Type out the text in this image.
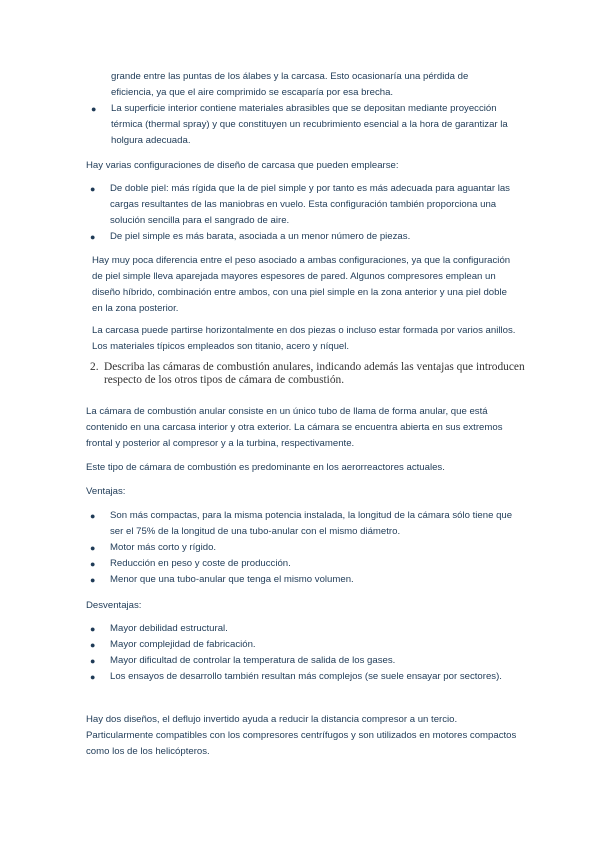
grande entre las puntas de los álabes y la carcasa. Esto ocasionaría una pérdida de eficiencia, ya que el aire comprimido se escaparía por esa brecha.
● La superficie interior contiene materiales abrasibles que se depositan mediante proyección térmica (thermal spray) y que constituyen un recubrimiento esencial a la hora de garantizar la holgura adecuada.
Hay varias configuraciones de diseño de carcasa que pueden emplearse:
● De doble piel: más rígida que la de piel simple y por tanto es más adecuada para aguantar las cargas resultantes de las maniobras en vuelo. Esta configuración también proporciona una solución sencilla para el sangrado de aire.
● De piel simple es más barata, asociada a un menor número de piezas.
Hay muy poca diferencia entre el peso asociado a ambas configuraciones, ya que la configuración de piel simple lleva aparejada mayores espesores de pared. Algunos compresores emplean un diseño híbrido, combinación entre ambos, con una piel simple en la zona anterior y una piel doble en la zona posterior.
La carcasa puede partirse horizontalmente en dos piezas o incluso estar formada por varios anillos. Los materiales típicos empleados son titanio, acero y níquel.
2. Describa las cámaras de combustión anulares, indicando además las ventajas que introducen respecto de los otros tipos de cámara de combustión.
La cámara de combustión anular consiste en un único tubo de llama de forma anular, que está contenido en una carcasa interior y otra exterior. La cámara se encuentra abierta en sus extremos frontal y posterior al compresor y a la turbina, respectivamente.
Este tipo de cámara de combustión es predominante en los aerorreactores actuales.
Ventajas:
● Son más compactas, para la misma potencia instalada, la longitud de la cámara sólo tiene que ser el 75% de la longitud de una tubo-anular con el mismo diámetro.
● Motor más corto y rígido.
● Reducción en peso y coste de producción.
● Menor que una tubo-anular que tenga el mismo volumen.
Desventajas:
● Mayor debilidad estructural.
● Mayor complejidad de fabricación.
● Mayor dificultad de controlar la temperatura de salida de los gases.
● Los ensayos de desarrollo también resultan más complejos (se suele ensayar por sectores).
Hay dos diseños, el deflujo invertido ayuda a reducir la distancia compresor a un tercio. Particularmente compatibles con los compresores centrífugos y son utilizados en motores compactos como los de los helicópteros.
